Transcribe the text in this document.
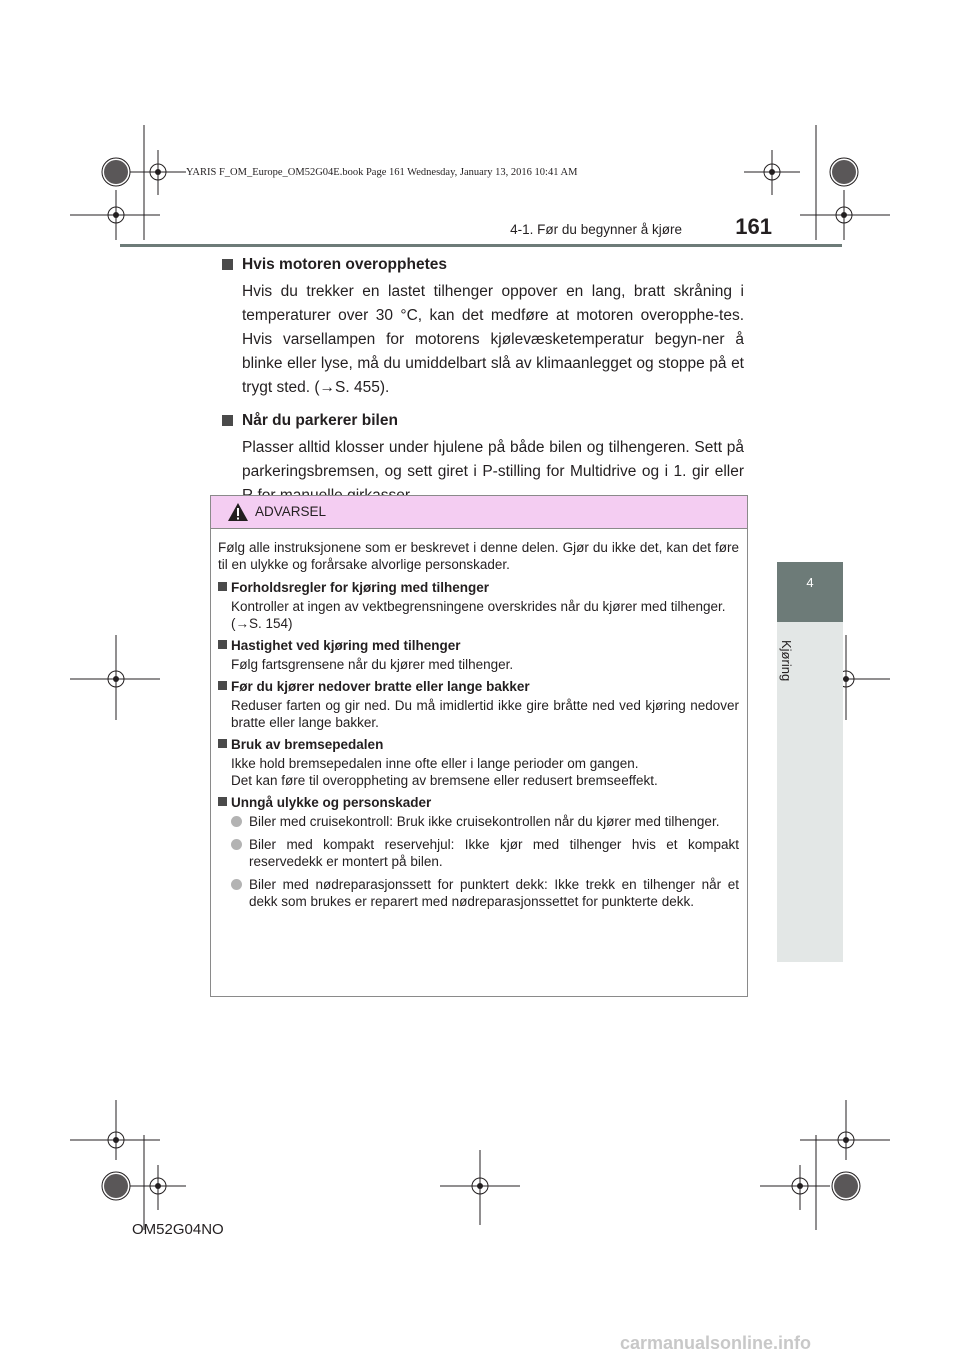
YARIS F_OM_Europe_OM52G04E.book Page 161 Wednesday, January 13, 2016 10:41 AM
4-1. Før du begynner å kjøre	161
4
Kjøring
Hvis motoren overopphetes

Hvis du trekker en lastet tilhenger oppover en lang, bratt skråning i temperaturer over 30 °C, kan det medføre at motoren overopphe-tes. Hvis varsellampen for motorens kjølevæsketemperatur begyn-ner å blinke eller lyse, må du umiddelbart slå av klimaanlegget og stoppe på et trygt sted. (→S. 455).

Når du parkerer bilen

Plasser alltid klosser under hjulene på både bilen og tilhengeren. Sett på parkeringsbremsen, og sett giret i P-stilling for Multidrive og i 1. gir eller

ADVARSEL

Følg alle instruksjonene som er beskrevet i denne delen. Gjør du ikke det, kan det føre til en ulykke og forårsake alvorlige personskader.

Forholdsregler for kjøring med tilhenger
Kontroller at ingen av vektbegrensningene overskrides når du kjører med tilhenger.
(→S. 154)
Hastighet ved kjøring med tilhenger
Følg fartsgrensene når du kjører med tilhenger.
Før du kjører nedover bratte eller lange bakker
Reduser farten og gir ned. Du må imidlertid ikke gire bråtte ned ved kjøring nedover bratte eller lange bakker.
Bruk av bremsepedalen
Ikke hold bremsepedalen inne ofte eller i lange perioder om gangen.
Det kan føre til overoppheting av bremsene eller redusert bremseeffekt.
Unngå ulykke og personskader
Biler med cruisekontroll: Bruk ikke cruisekontrollen når du kjører med tilhenger.
Biler med kompakt reservehjul: Ikke kjør med tilhenger hvis et kompakt reservedekk er montert på bilen.
Biler med nødreparasjonssett for punktert dekk: Ikke trekk en tilhenger når et dekk som brukes er reparert med nødreparasjonssettet for punkterte dekk.
OM52G04NO
carmanualsonline.info
